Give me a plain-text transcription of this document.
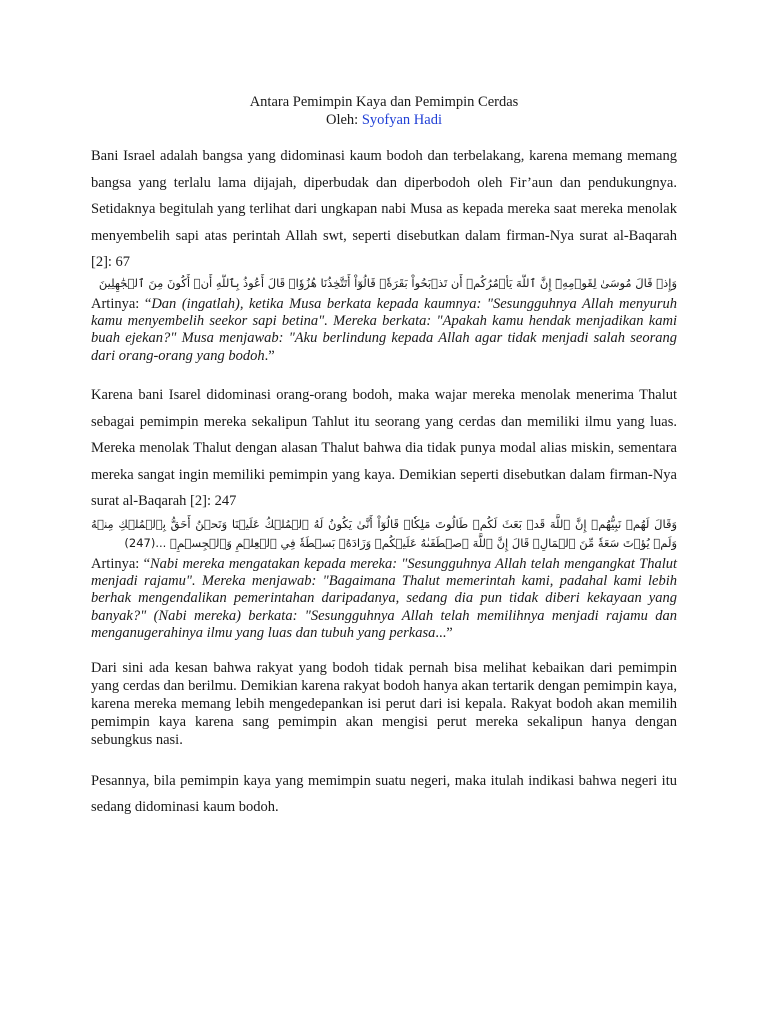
Antara Pemimpin Kaya dan Pemimpin Cerdas
Oleh: Syofyan Hadi

Bani Israel adalah bangsa yang didominasi kaum bodoh dan terbelakang, karena memang memang bangsa yang terlalu lama dijajah, diperbudak dan diperbodoh oleh Fir’aun dan pendukungnya. Setidaknya begitulah yang terlihat dari ungkapan nabi Musa as kepada mereka saat mereka menolak menyembelih sapi atas perintah Allah swt, seperti disebutkan dalam firman-Nya surat al-Baqarah [2]: 67

وَإِذۡ قَالَ مُوسَىٰ لِقَوۡمِهِۦٓ إِنَّ ٱللَّهَ يَأۡمُرُكُمۡ أَن تَذۡبَحُواْ بَقَرَةٗۖ قَالُوٓاْ أَتَتَّخِذُنَا هُزُوٗاۖ قَالَ أَعُوذُ بِٱللَّهِ أَنۡ أَكُونَ مِنَ ٱلۡجَٰهِلِينَ

Artinya: “Dan (ingatlah), ketika Musa berkata kepada kaumnya: "Sesungguhnya Allah menyuruh kamu menyembelih seekor sapi betina". Mereka berkata: "Apakah kamu hendak menjadikan kami buah ejekan?" Musa menjawab: "Aku berlindung kepada Allah agar tidak menjadi salah seorang dari orang-orang yang bodoh.”

Karena bani Isarel didominasi orang-orang bodoh, maka wajar mereka menolak menerima Thalut sebagai pemimpin mereka sekalipun Tahlut itu seorang yang cerdas dan memiliki ilmu yang luas. Mereka menolak Thalut dengan alasan Thalut bahwa dia tidak punya modal alias miskin, sementara mereka sangat ingin memiliki pemimpin yang kaya. Demikian seperti disebutkan dalam firman-Nya surat al-Baqarah [2]: 247

وَقَالَ لَهُمۡ نَبِيُّهُمۡ إِنَّ ٱللَّهَ قَدۡ بَعَثَ لَكُمۡ طَالُوتَ مَلِكٗاۚ قَالُوٓاْ أَنَّىٰ يَكُونُ لَهُ ٱلۡمُلۡكُ عَلَيۡنَا وَنَحۡنُ أَحَقُّ بِٱلۡمُلۡكِ مِنۡهُ وَلَمۡ يُؤۡتَ سَعَةٗ مِّنَ ٱلۡمَالِۚ قَالَ إِنَّ ٱللَّهَ ٱصۡطَفَىٰهُ عَلَيۡكُمۡ وَزَادَهُۥ بَسۡطَةٗ فِي ٱلۡعِلۡمِ وَٱلۡجِسۡمِۖ ...(247)

Artinya: “Nabi mereka mengatakan kepada mereka: "Sesungguhnya Allah telah mengangkat Thalut menjadi rajamu". Mereka menjawab: "Bagaimana Thalut memerintah kami, padahal kami lebih berhak mengendalikan pemerintahan daripadanya, sedang dia pun tidak diberi kekayaan yang banyak?" (Nabi mereka) berkata: "Sesungguhnya Allah telah memilihnya menjadi rajamu dan menganugerahinya ilmu yang luas dan tubuh yang perkasa...”

Dari sini ada kesan bahwa rakyat yang bodoh tidak pernah bisa melihat kebaikan dari pemimpin yang cerdas dan berilmu. Demikian karena rakyat bodoh hanya akan tertarik dengan pemimpin kaya, karena mereka memang lebih mengedepankan isi perut dari isi kepala. Rakyat bodoh akan memilih pemimpin kaya karena sang pemimpin akan mengisi perut mereka sekalipun hanya dengan sebungkus nasi.

Pesannya, bila pemimpin kaya yang memimpin suatu negeri, maka itulah indikasi bahwa negeri itu sedang didominasi kaum bodoh.
